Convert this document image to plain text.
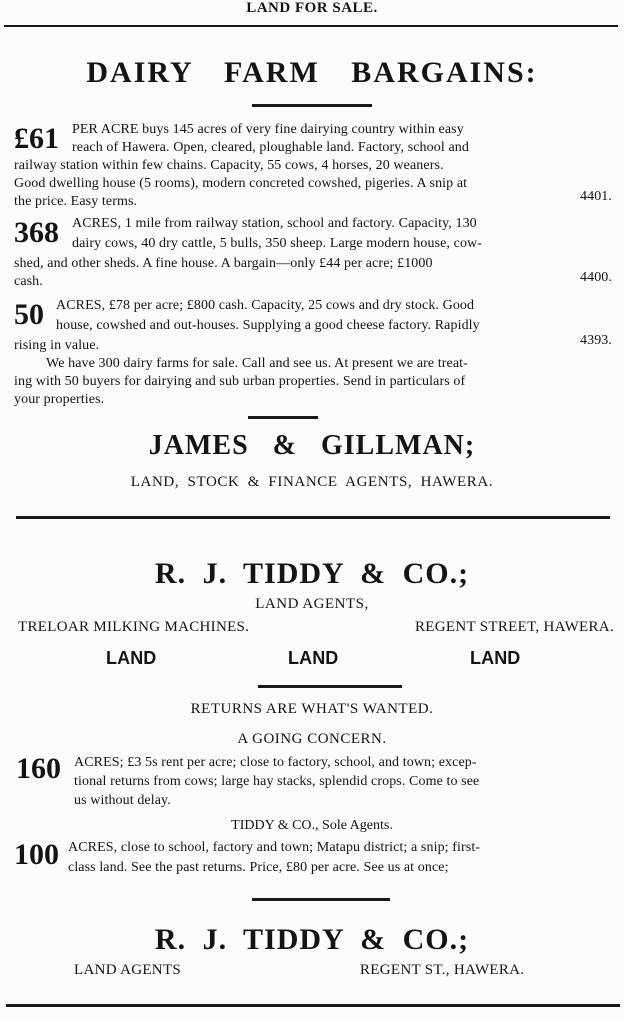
LAND FOR SALE.
DAIRY FARM BARGAINS:
£61 PER ACRE buys 145 acres of very fine dairying country within easy
reach of Hawera. Open, cleared, ploughable land. Factory, school and
railway station within few chains. Capacity, 55 cows, 4 horses, 20 weaners.
Good dwelling house (5 rooms), modern concreted cowshed, pigeries. A snip at
the price. Easy terms.	4401.
368 ACRES, 1 mile from railway station, school and factory. Capacity, 130
dairy cows, 40 dry cattle, 5 bulls, 350 sheep. Large modern house, cow-
shed, and other sheds. A fine house. A bargain—only £44 per acre; £1000
cash.	4400.
50 ACRES, £78 per acre; £800 cash. Capacity, 25 cows and dry stock. Good
house, cowshed and out-houses. Supplying a good cheese factory. Rapidly
rising in value.	4393.
We have 300 dairy farms for sale. Call and see us. At present we are treat-
ing with 50 buyers for dairying and sub urban properties. Send in particulars of
your properties.
JAMES & GILLMAN;
LAND, STOCK & FINANCE AGENTS, HAWERA.
R. J. TIDDY & CO.;
LAND AGENTS,
TRELOAR MILKING MACHINES.	REGENT STREET, HAWERA.
LAND	LAND	LAND
RETURNS ARE WHAT'S WANTED.
A GOING CONCERN.
160 ACRES; £3 5s rent per acre; close to factory, school, and town; excep-
tional returns from cows; large hay stacks, splendid crops. Come to see
us without delay.
TIDDY & CO., Sole Agents.
100 ACRES, close to school, factory and town; Matapu district; a snip; first-
class land. See the past returns. Price, £80 per acre. See us at once;
R. J. TIDDY & CO.;
LAND AGENTS	REGENT ST., HAWERA.
